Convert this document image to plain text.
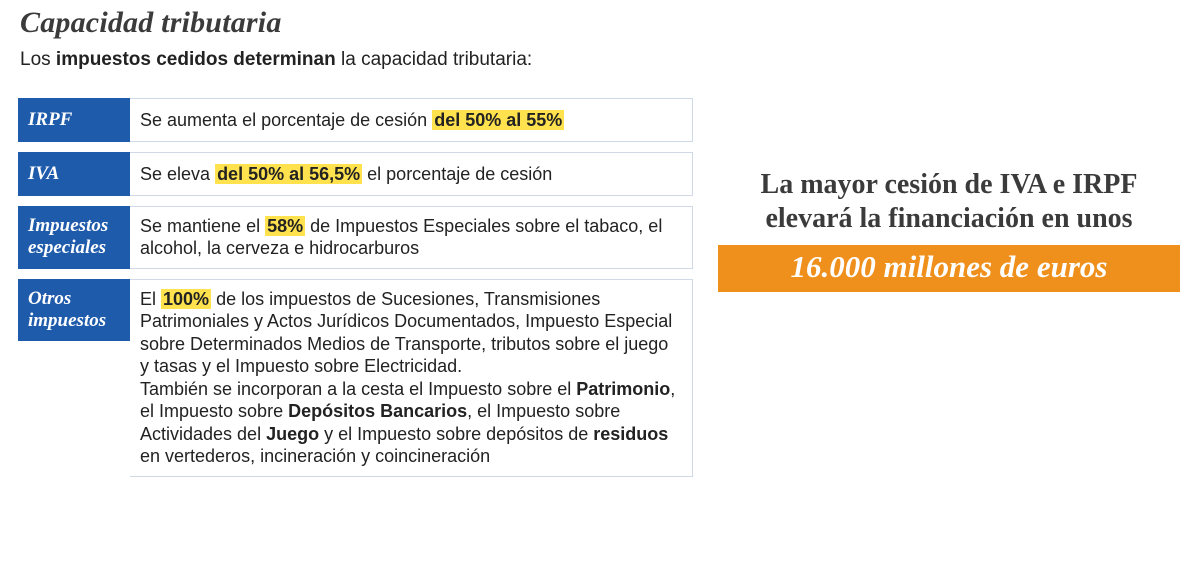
Capacidad tributaria
Los impuestos cedidos determinan la capacidad tributaria:
IRPF	Se aumenta el porcentaje de cesión del 50% al 55%
IVA	Se eleva del 50% al 56,5% el porcentaje de cesión
Impuestos
especiales
Se mantiene el 58% de Impuestos Especiales sobre el tabaco, el alcohol, la cerveza e hidrocarburos
Otros
impuestos
El 100% de los impuestos de Sucesiones, Transmisiones Patrimoniales y Actos Jurídicos Documentados, Impuesto Especial sobre Determinados Medios de Transporte, tributos sobre el juego y tasas y el Impuesto sobre Electricidad.
También se incorporan a la cesta el Impuesto sobre el Patrimonio, el Impuesto sobre Depósitos Bancarios, el Impuesto sobre Actividades del Juego y el Impuesto sobre depósitos de residuos en vertederos, incineración y coincineración
La mayor cesión de IVA e IRPF
elevará la financiación en unos
16.000 millones de euros
